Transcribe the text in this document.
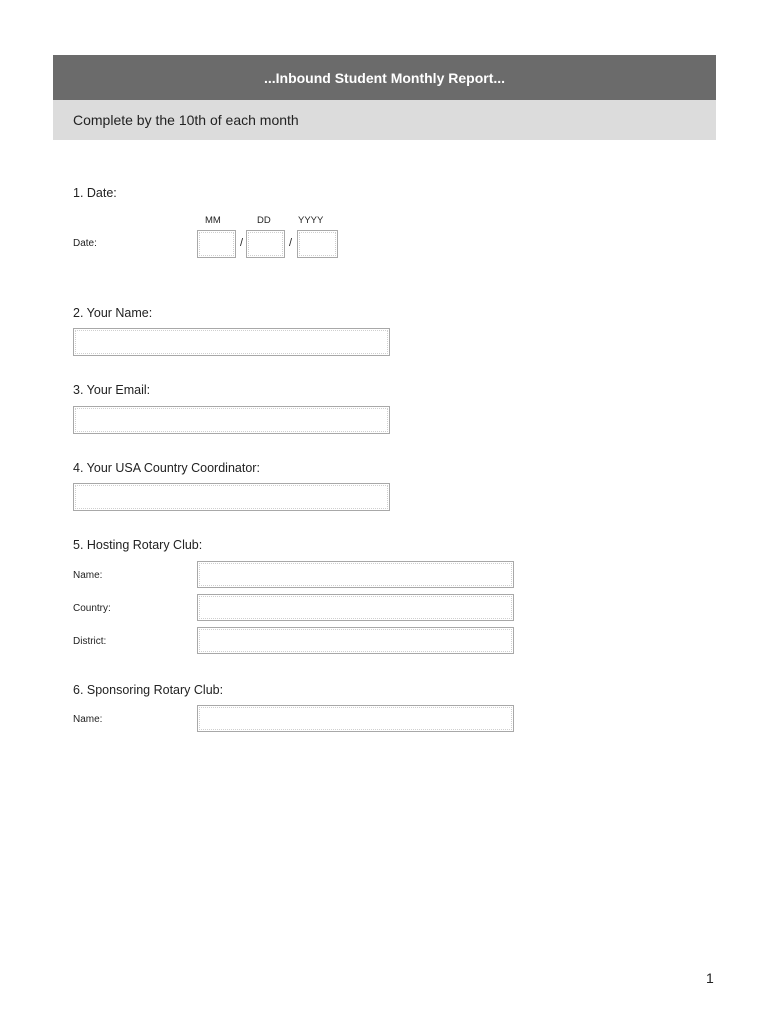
...Inbound Student Monthly Report...
Complete by the 10th of each month
1. Date:
MM	DD	YYYY
Date:	/	/
2. Your Name:
3. Your Email:
4. Your USA Country Coordinator:
5. Hosting Rotary Club:
Name:
Country:
District:
6. Sponsoring Rotary Club:
Name:
1
